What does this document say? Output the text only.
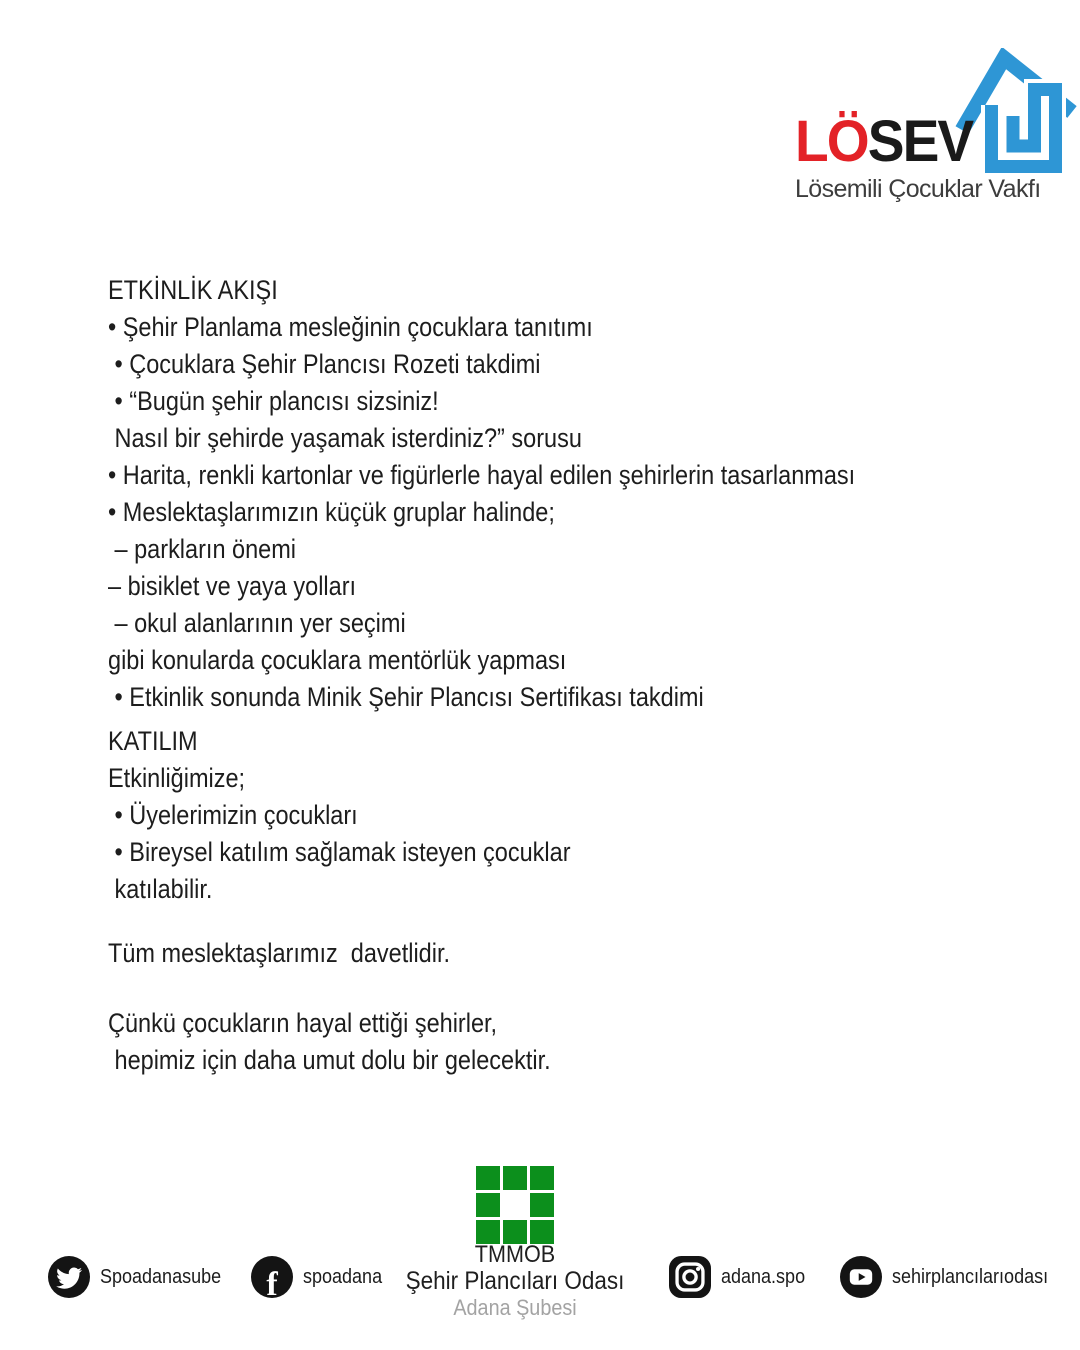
LÖSEV
Lösemili Çocuklar Vakfı
ETKİNLİK AKIŞI
• Şehir Planlama mesleğinin çocuklara tanıtımı
• Çocuklara Şehir Plancısı Rozeti takdimi
• “Bugün şehir plancısı sizsiniz!
Nasıl bir şehirde yaşamak isterdiniz?” sorusu
• Harita, renkli kartonlar ve figürlerle hayal edilen şehirlerin tasarlanması
• Meslektaşlarımızın küçük gruplar halinde;
– parkların önemi
– bisiklet ve yaya yolları
– okul alanlarının yer seçimi
gibi konularda çocuklara mentörlük yapması
• Etkinlik sonunda Minik Şehir Plancısı Sertifikası takdimi
KATILIM
Etkinliğimize;
• Üyelerimizin çocukları
• Bireysel katılım sağlamak isteyen çocuklar
katılabilir.
Tüm meslektaşlarımız  davetlidir.
Çünkü çocukların hayal ettiği şehirler,
hepimiz için daha umut dolu bir gelecektir.
TMMOB
Şehir Plancıları Odası
Adana Şubesi
Spoadanasube f spoadana	adana.spo	sehirplancılarıodası
